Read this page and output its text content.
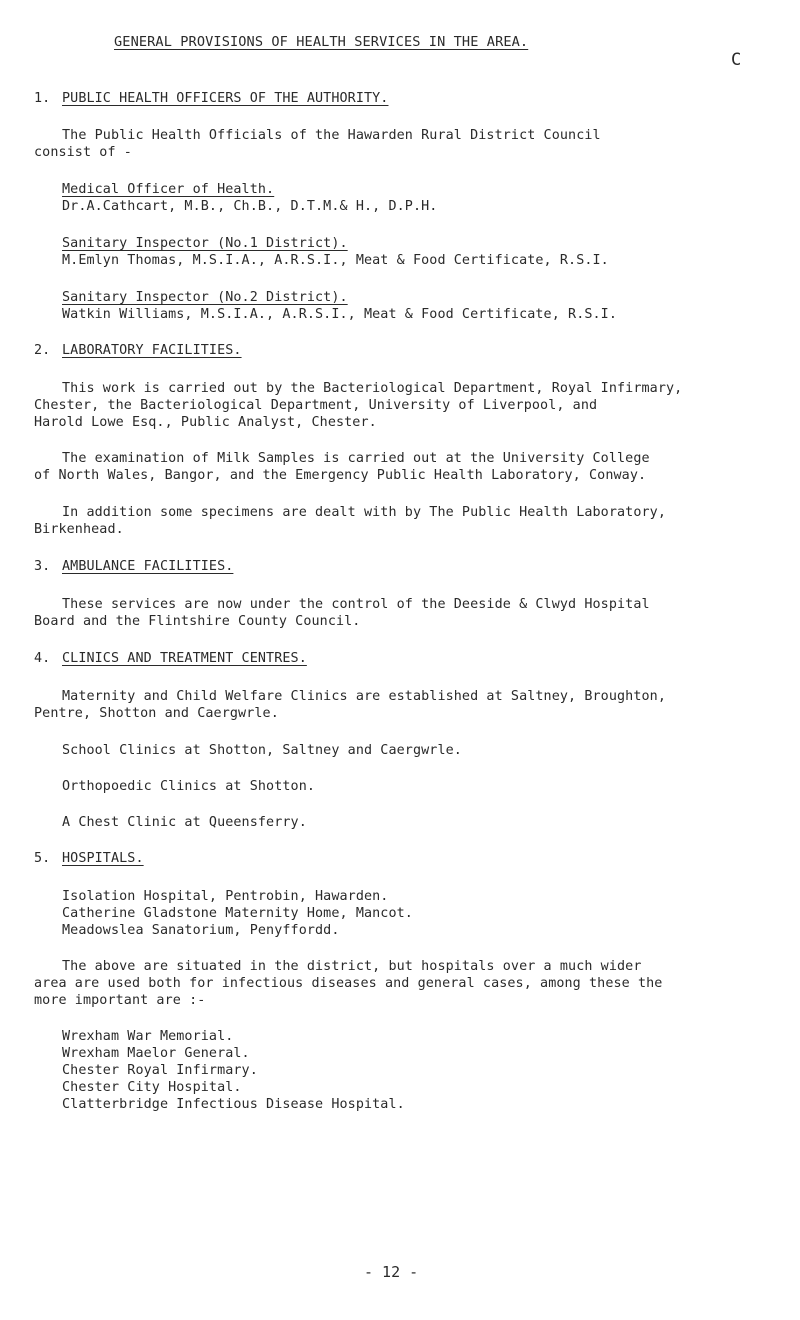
GENERAL PROVISIONS OF HEALTH SERVICES IN THE AREA.
C
1. PUBLIC HEALTH OFFICERS OF THE AUTHORITY.
The Public Health Officials of the Hawarden Rural District Council
consist of -
Medical Officer of Health.
Dr.A.Cathcart, M.B., Ch.B., D.T.M.& H., D.P.H.
Sanitary Inspector (No.1 District).
M.Emlyn Thomas, M.S.I.A., A.R.S.I., Meat & Food Certificate, R.S.I.
Sanitary Inspector (No.2 District).
Watkin Williams, M.S.I.A., A.R.S.I., Meat & Food Certificate, R.S.I.
2. LABORATORY FACILITIES.
This work is carried out by the Bacteriological Department, Royal Infirmary,
Chester, the Bacteriological Department, University of Liverpool, and
Harold Lowe Esq., Public Analyst, Chester.
The examination of Milk Samples is carried out at the University College
of North Wales, Bangor, and the Emergency Public Health Laboratory, Conway.
In addition some specimens are dealt with by The Public Health Laboratory,
Birkenhead.
3. AMBULANCE FACILITIES.
These services are now under the control of the Deeside & Clwyd Hospital
Board and the Flintshire County Council.
4. CLINICS AND TREATMENT CENTRES.
Maternity and Child Welfare Clinics are established at Saltney, Broughton,
Pentre, Shotton and Caergwrle.
School Clinics at Shotton, Saltney and Caergwrle.
Orthopoedic Clinics at Shotton.
A Chest Clinic at Queensferry.
5. HOSPITALS.
Isolation Hospital, Pentrobin, Hawarden.
Catherine Gladstone Maternity Home, Mancot.
Meadowslea Sanatorium, Penyffordd.
The above are situated in the district, but hospitals over a much wider
area are used both for infectious diseases and general cases, among these the
more important are :-
Wrexham War Memorial.
Wrexham Maelor General.
Chester Royal Infirmary.
Chester City Hospital.
Clatterbridge Infectious Disease Hospital.
- 12 -
